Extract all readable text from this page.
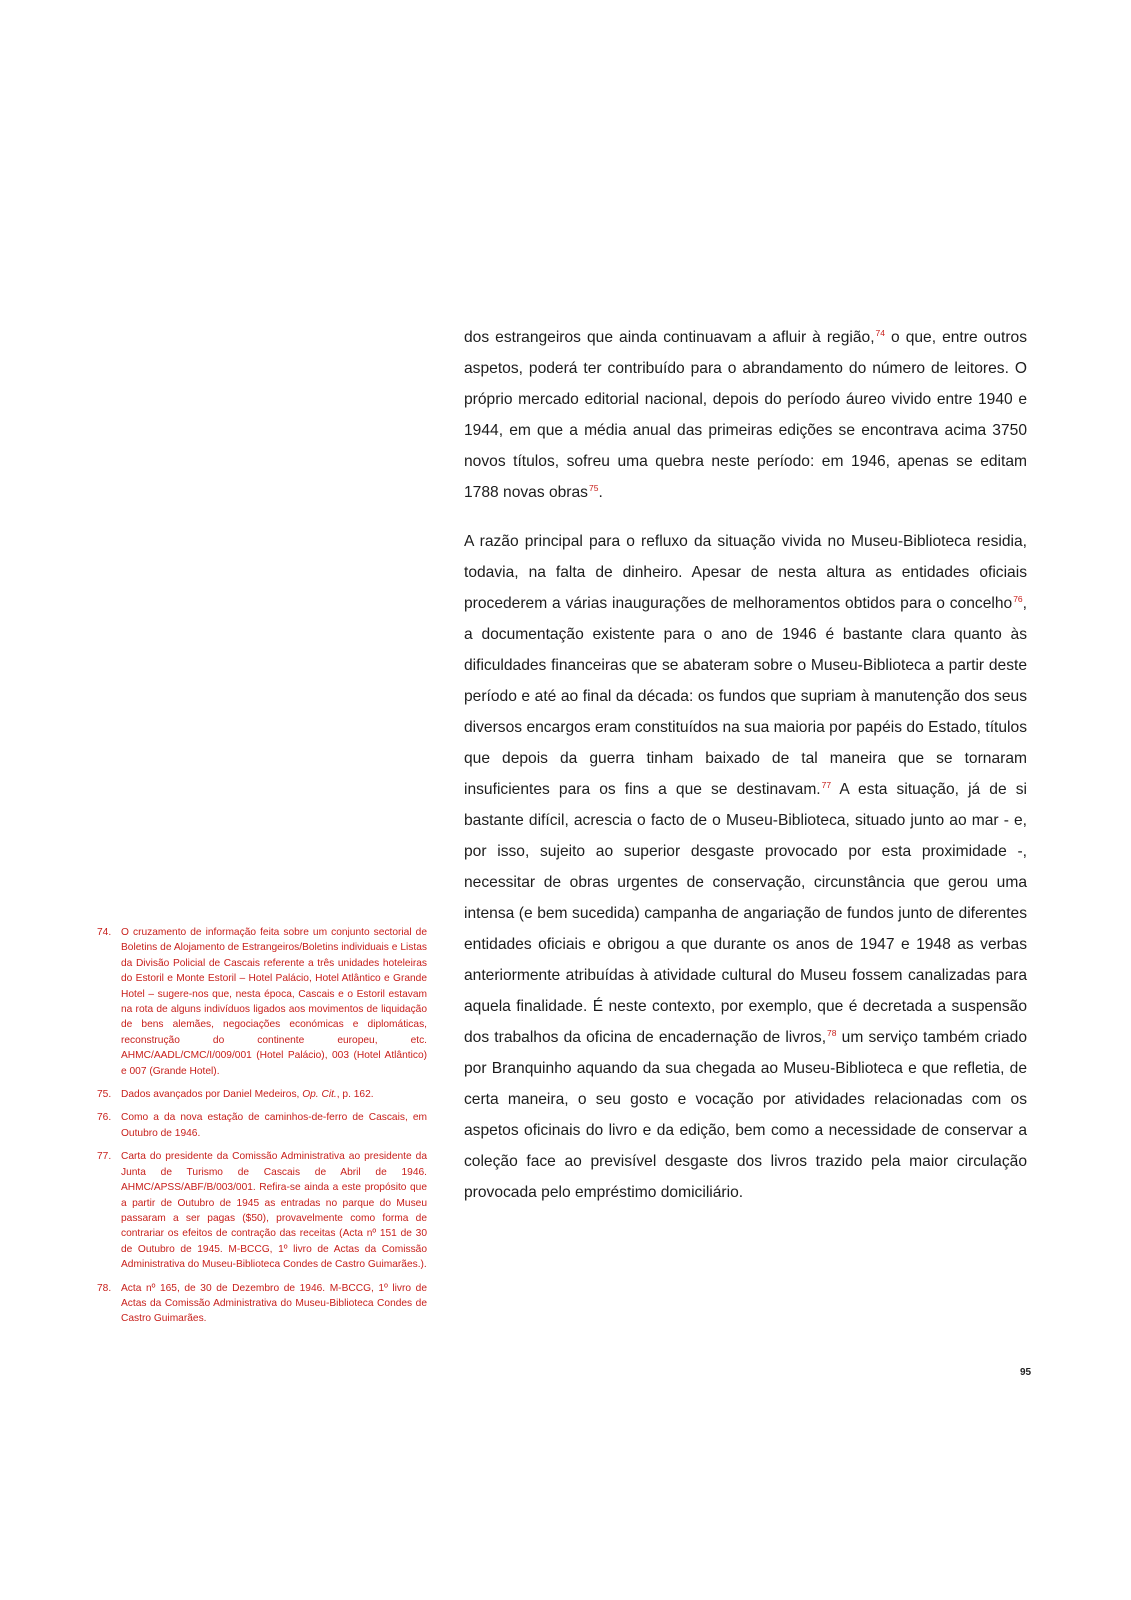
dos estrangeiros que ainda continuavam a afluir à região,$^{74}$ o que, entre outros aspetos, poderá ter contribuído para o abrandamento do número de leitores. O próprio mercado editorial nacional, depois do período áureo vivido entre 1940 e 1944, em que a média anual das primeiras edições se encontrava acima 3750 novos títulos, sofreu uma quebra neste período: em 1946, apenas se editam 1788 novas obras$^{75}$.

A razão principal para o refluxo da situação vivida no Museu-Biblioteca residia, todavia, na falta de dinheiro. Apesar de nesta altura as entidades oficiais procederem a várias inaugurações de melhoramentos obtidos para o concelho$^{76}$, a documentação existente para o ano de 1946 é bastante clara quanto às dificuldades financeiras que se abateram sobre o Museu-Biblioteca a partir deste período e até ao final da década: os fundos que supriam à manutenção dos seus diversos encargos eram constituídos na sua maioria por papéis do Estado, títulos que depois da guerra tinham baixado de tal maneira que se tornaram insuficientes para os fins a que se destinavam.$^{77}$ A esta situação, já de si bastante difícil, acrescia o facto de o Museu-Biblioteca, situado junto ao mar - e, por isso, sujeito ao superior desgaste provocado por esta proximidade -, necessitar de obras urgentes de conservação, circunstância que gerou uma intensa (e bem sucedida) campanha de angariação de fundos junto de diferentes entidades oficiais e obrigou a que durante os anos de 1947 e 1948 as verbas anteriormente atribuídas à atividade cultural do Museu fossem canalizadas para aquela finalidade. É neste contexto, por exemplo, que é decretada a suspensão dos trabalhos da oficina de encadernação de livros,$^{78}$ um serviço também criado por Branquinho aquando da sua chegada ao Museu-Biblioteca e que refletia, de certa maneira, o seu gosto e vocação por atividades relacionadas com os aspetos oficinais do livro e da edição, bem como a necessidade de conservar a coleção face ao previsível desgaste dos livros trazido pela maior circulação provocada pelo empréstimo domiciliário.

74. O cruzamento de informação feita sobre um conjunto sectorial de Boletins de Alojamento de Estrangeiros/Boletins individuais e Listas da Divisão Policial de Cascais referente a três unidades hoteleiras do Estoril e Monte Estoril – Hotel Palácio, Hotel Atlântico e Grande Hotel – sugere-nos que, nesta época, Cascais e o Estoril estavam na rota de alguns indivíduos ligados aos movimentos de liquidação de bens alemães, negociações económicas e diplomáticas, reconstrução do continente europeu, etc. AHMC/AADL/CMC/I/009/001 (Hotel Palácio), 003 (Hotel Atlântico) e 007 (Grande Hotel).
75. Dados avançados por Daniel Medeiros, Op. Cit., p. 162.
76. Como a da nova estação de caminhos-de-ferro de Cascais, em Outubro de 1946.
77. Carta do presidente da Comissão Administrativa ao presidente da Junta de Turismo de Cascais de Abril de 1946. AHMC/APSS/ABF/B/003/001. Refira-se ainda a este propósito que a partir de Outubro de 1945 as entradas no parque do Museu passaram a ser pagas ($50), provavelmente como forma de contrariar os efeitos de contração das receitas (Acta nº 151 de 30 de Outubro de 1945. M-BCCG, 1º livro de Actas da Comissão Administrativa do Museu-Biblioteca Condes de Castro Guimarães.).
78. Acta nº 165, de 30 de Dezembro de 1946. M-BCCG, 1º livro de Actas da Comissão Administrativa do Museu-Biblioteca Condes de Castro Guimarães.
95
